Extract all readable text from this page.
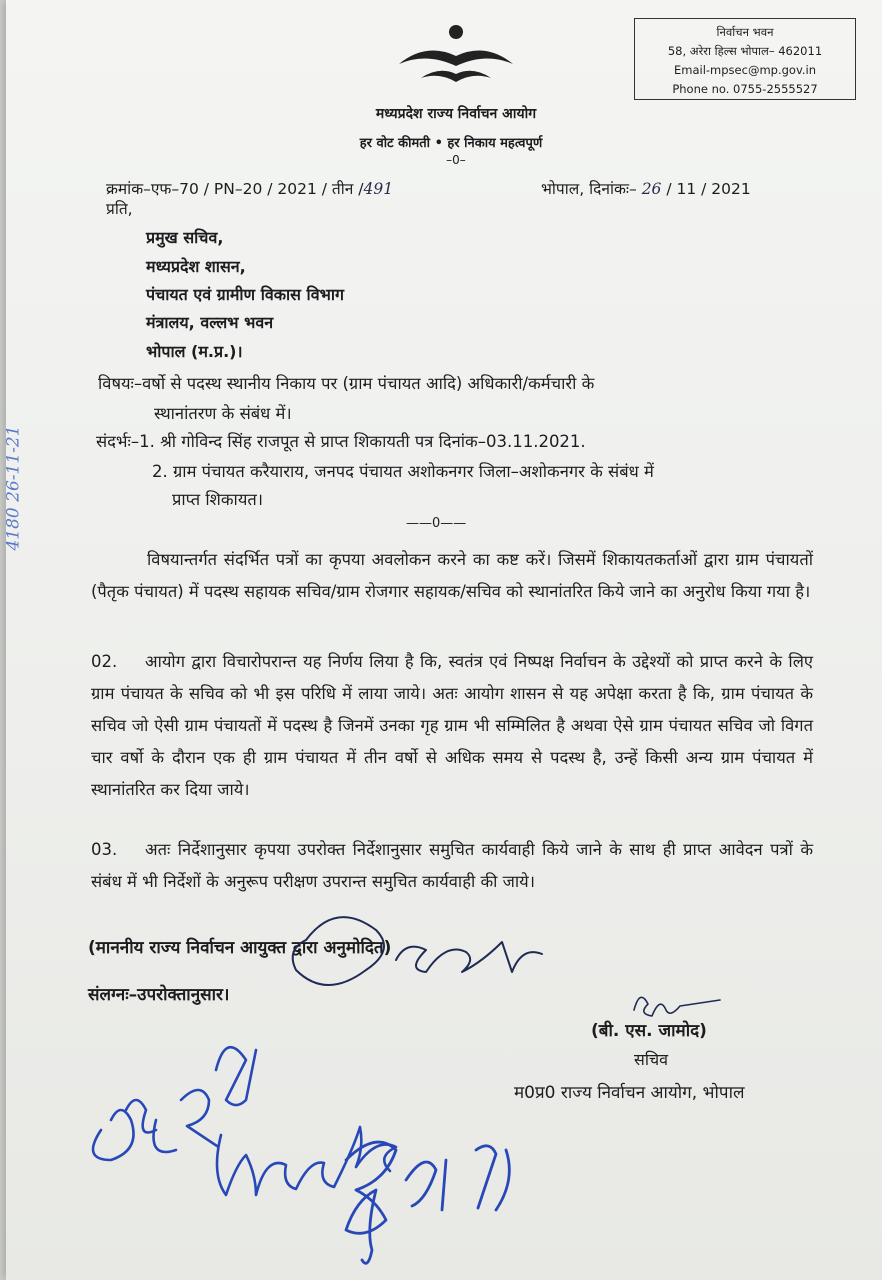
निर्वाचन भवन
58, अरेरा हिल्स भोपाल– 462011
Email-mpsec@mp.gov.in
Phone no. 0755-2555527
मध्यप्रदेश राज्य निर्वाचन आयोग
हर वोट कीमती • हर निकाय महत्वपूर्ण
–0–
क्रमांक–एफ–70 / PN–20 / 2021 / तीन /491	भोपाल, दिनांकः– 26 / 11 / 2021
प्रति,
प्रमुख सचिव,
मध्यप्रदेश शासन,
पंचायत एवं ग्रामीण विकास विभाग
मंत्रालय, वल्लभ भवन
भोपाल (म.प्र.)।
विषयः–वर्षो से पदस्थ स्थानीय निकाय पर (ग्राम पंचायत आदि) अधिकारी/कर्मचारी के
स्थानांतरण के संबंध में।
संदर्भः–1. श्री गोविन्द सिंह राजपूत से प्राप्त शिकायती पत्र दिनांक–03.11.2021.
2. ग्राम पंचायत करैयाराय, जनपद पंचायत अशोकनगर जिला–अशोकनगर के संबंध में
प्राप्त शिकायत।
——0——
विषयान्तर्गत संदर्भित पत्रों का कृपया अवलोकन करने का कष्ट करें। जिसमें शिकायतकर्ताओं द्वारा ग्राम पंचायतों (पैतृक पंचायत) में पदस्थ सहायक सचिव/ग्राम रोजगार सहायक/सचिव को स्थानांतरित किये जाने का अनुरोध किया गया है।
02. आयोग द्वारा विचारोपरान्त यह निर्णय लिया है कि, स्वतंत्र एवं निष्पक्ष निर्वाचन के उद्देश्यों को प्राप्त करने के लिए ग्राम पंचायत के सचिव को भी इस परिधि में लाया जाये। अतः आयोग शासन से यह अपेक्षा करता है कि, ग्राम पंचायत के सचिव जो ऐसी ग्राम पंचायतों में पदस्थ है जिनमें उनका गृह ग्राम भी सम्मिलित है अथवा ऐसे ग्राम पंचायत सचिव जो विगत चार वर्षो के दौरान एक ही ग्राम पंचायत में तीन वर्षो से अधिक समय से पदस्थ है, उन्हें किसी अन्य ग्राम पंचायत में स्थानांतरित कर दिया जाये।
03. अतः निर्देशानुसार कृपया उपरोक्त निर्देशानुसार समुचित कार्यवाही किये जाने के साथ ही प्राप्त आवेदन पत्रों के संबंध में भी निर्देशों के अनुरूप परीक्षण उपरान्त समुचित कार्यवाही की जाये।
(माननीय राज्य निर्वाचन आयुक्त द्वारा अनुमोदित)
संलग्नः–उपरोक्तानुसार।
(बी. एस. जामोद)
सचिव
म0प्र0 राज्य निर्वाचन आयोग, भोपाल
4180 26-11-21
